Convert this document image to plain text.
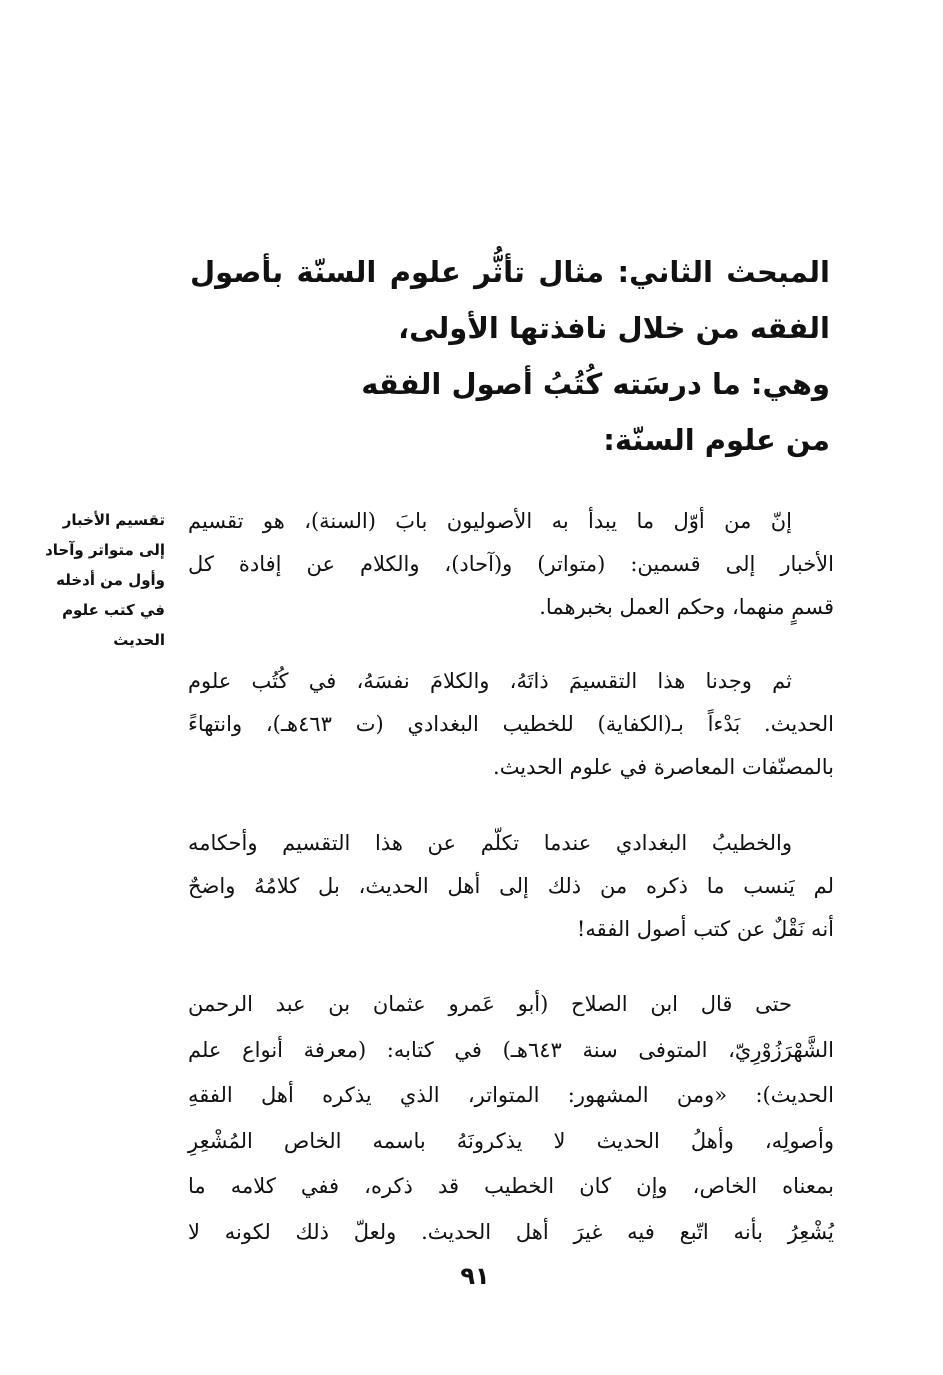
المبحث الثاني: مثال تأثُّر علوم السنّة بأصول
الفقه من خلال نافذتها الأولى،
وهي: ما درسَته كُتُبُ أصول الفقه
من علوم السنّة:
تقسيم الأخبار
إلى متواتر وآحاد
وأول من أدخله
في كتب علوم
الحديث
إنّ من أوّل ما يبدأ به الأصوليون بابَ (السنة)، هو تقسيم
الأخبار إلى قسمين: (متواتر) و(آحاد)، والكلام عن إفادة كل
قسمٍ منهما، وحكم العمل بخبرهما.
ثم وجدنا هذا التقسيمَ ذاتَهُ، والكلامَ نفسَهُ، في كُتُب علوم
الحديث. بَدْءاً بـ(الكفاية) للخطيب البغدادي (ت ٤٦٣هـ)، وانتهاءً
بالمصنّفات المعاصرة في علوم الحديث.
والخطيبُ البغدادي عندما تكلّم عن هذا التقسيم وأحكامه
لم يَنسب ما ذكره من ذلك إلى أهل الحديث، بل كلامُهُ واضحٌ
أنه نَقْلٌ عن كتب أصول الفقه!
حتى قال ابن الصلاح (أبو عَمرو عثمان بن عبد الرحمن
الشَّهْرَزُوْرِيّ، المتوفى سنة ٦٤٣هـ) في كتابه: (معرفة أنواع علم
الحديث): «ومن المشهور: المتواتر، الذي يذكره أهل الفقهِ
وأصولِه، وأهلُ الحديث لا يذكرونَهُ باسمه الخاص المُشْعِرِ
بمعناه الخاص، وإن كان الخطيب قد ذكره، ففي كلامه ما
يُشْعِرُ بأنه اتّبع فيه غيرَ أهل الحديث. ولعلّ ذلك لكونه لا
٩١
